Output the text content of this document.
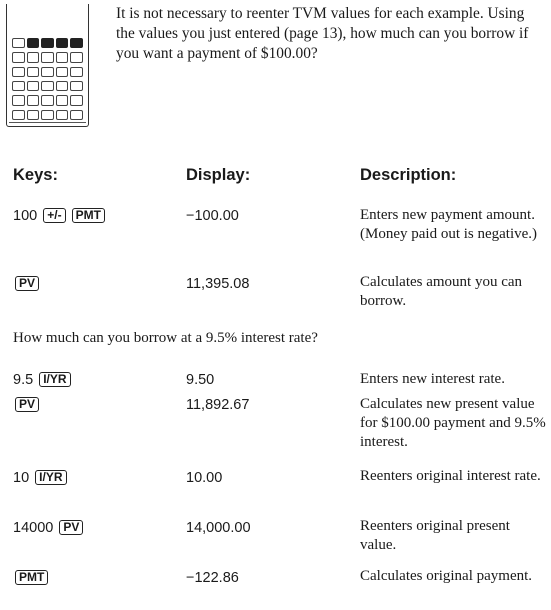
It is not necessary to reenter TVM values for each example. Using the values you just entered (page 13), how much can you borrow if you want a payment of $100.00?

Keys:	Display:	Description:
100 +/- PMT	−100.00	Enters new payment amount. (Money paid out is negative.)

PV	11,395.08	Calculates amount you can borrow.

How much can you borrow at a 9.5% interest rate?
9.5 I/YR	9.50	Enters new interest rate.

PV	11,892.67	Calculates new present value for $100.00 payment and 9.5% interest.

10 I/YR	10.00	Reenters original interest rate.

14000 PV	14,000.00	Reenters original present value.

PMT	−122.86	Calculates original payment.
